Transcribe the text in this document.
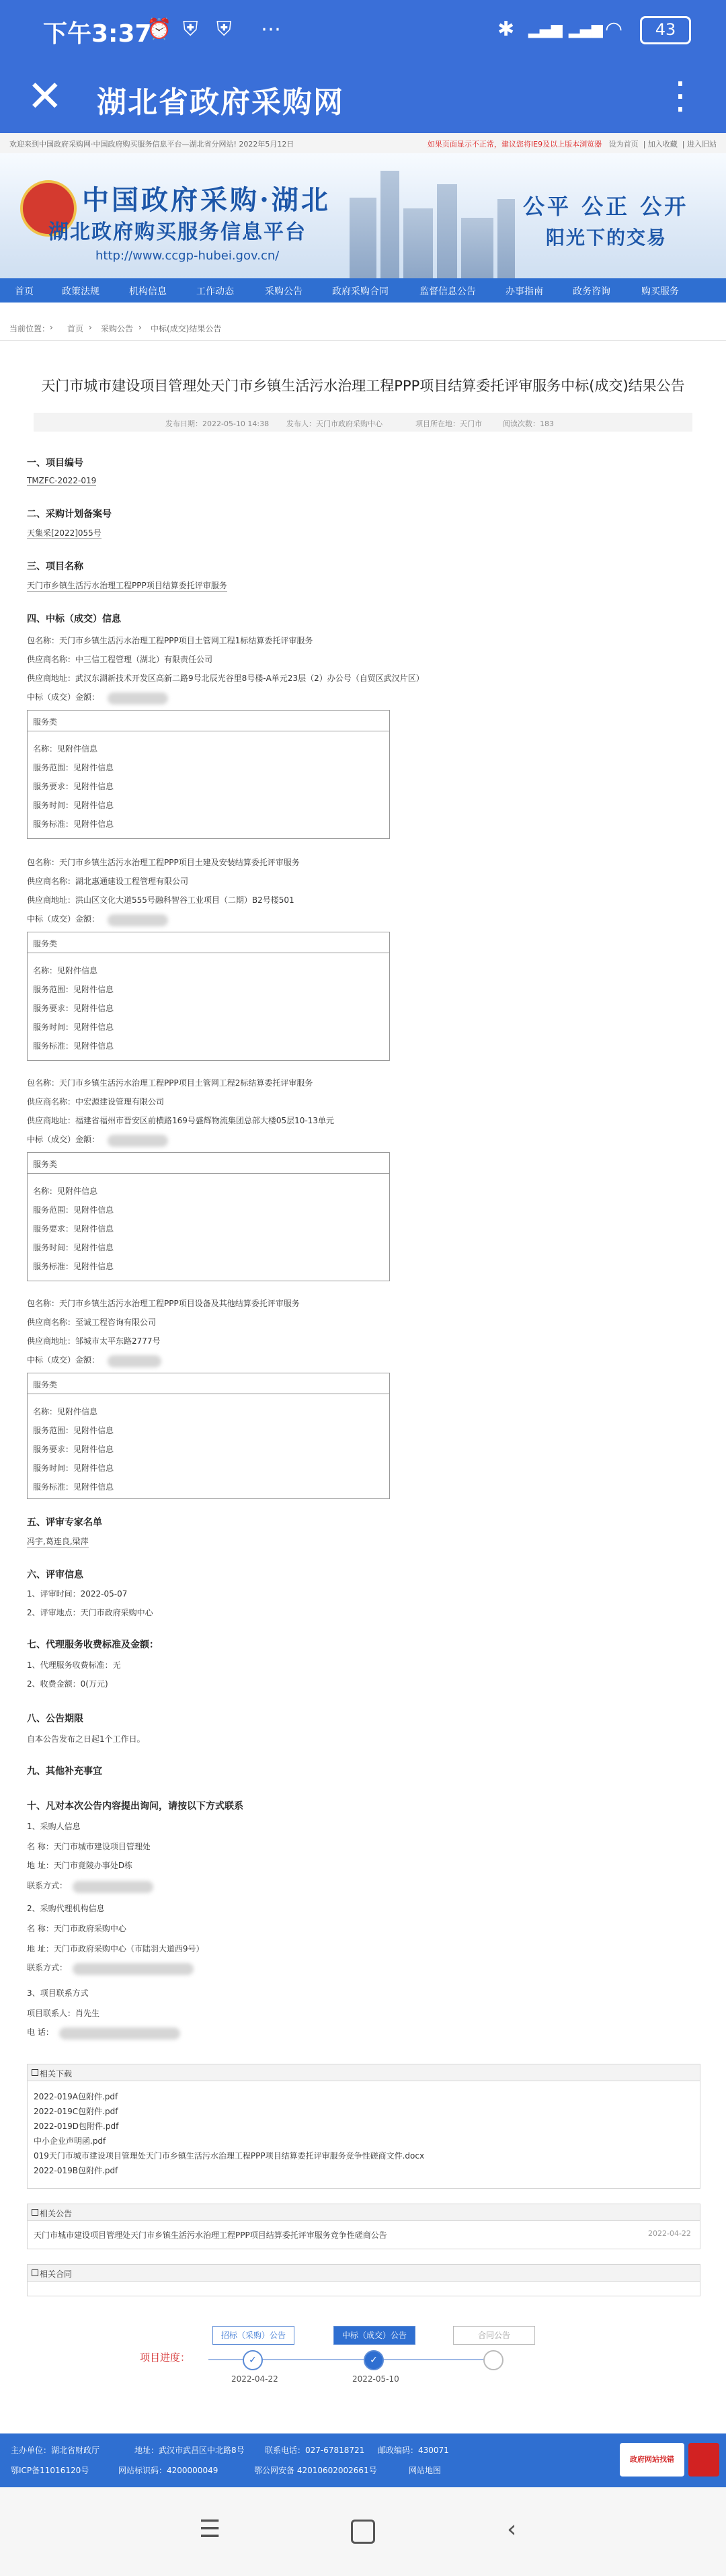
下午3:37
⏰ ⛨ ⛨ ⋯	✱ ▂▄▆ ▂▄▆ ◠	43
✕ 湖北省政府采购网	⋮
欢迎来到中国政府采购网·中国政府购买服务信息平台—湖北省分网站! 2022年5月12日	如果页面显示不正常，建议您将IE9及以上版本浏览器 设为首页  | 加入收藏  | 进入旧站
中国政府采购·湖北
湖北政府购买服务信息平台
http://www.ccgp-hubei.gov.cn/
公平 公正 公开
阳光下的交易
首页	政策法规	机构信息	工作动态	采购公告	政府采购合同	监督信息公告	办事指南	政务咨询	购买服务
当前位置： › 首页 › 采购公告 › 中标(成交)结果公告
天门市城市建设项目管理处天门市乡镇生活污水治理工程PPP项目结算委托评审服务中标(成交)结果公告
发布日期：2022-05-10 14:38 发布人：天门市政府采购中心	项目所在地：天门市	阅读次数：183
一、项目编号
TMZFC-2022-019
二、采购计划备案号
天集采[2022]055号
三、项目名称
天门市乡镇生活污水治理工程PPP项目结算委托评审服务
四、中标（成交）信息
包名称：天门市乡镇生活污水治理工程PPP项目土管网工程1标结算委托评审服务
供应商名称：中三信工程管理（湖北）有限责任公司
供应商地址：武汉东湖新技术开发区高新二路9号北辰光谷里8号楼-A单元23层（2）办公号（自贸区武汉片区）
中标（成交）金额：
服务类
名称：见附件信息
服务范围：见附件信息
服务要求：见附件信息
服务时间：见附件信息
服务标准：见附件信息
包名称：天门市乡镇生活污水治理工程PPP项目土建及安装结算委托评审服务
供应商名称：湖北惠通建设工程管理有限公司
供应商地址：洪山区文化大道555号融科智谷工业项目（二期）B2号楼501
中标（成交）金额：
服务类
名称：见附件信息
服务范围：见附件信息
服务要求：见附件信息
服务时间：见附件信息
服务标准：见附件信息
包名称：天门市乡镇生活污水治理工程PPP项目土管网工程2标结算委托评审服务
供应商名称：中宏源建设管理有限公司
供应商地址：福建省福州市晋安区前横路169号盛辉物流集团总部大楼05层10-13单元
中标（成交）金额：
服务类
名称：见附件信息
服务范围：见附件信息
服务要求：见附件信息
服务时间：见附件信息
服务标准：见附件信息
包名称：天门市乡镇生活污水治理工程PPP项目设备及其他结算委托评审服务
供应商名称：至诚工程咨询有限公司
供应商地址：邹城市太平东路2777号
中标（成交）金额：
服务类
名称：见附件信息
服务范围：见附件信息
服务要求：见附件信息
服务时间：见附件信息
服务标准：见附件信息
五、评审专家名单
冯宇,葛连良,梁萍
六、评审信息
1、评审时间：2022-05-07
2、评审地点：天门市政府采购中心
七、代理服务收费标准及金额：
1、代理服务收费标准：无
2、收费金额：0(万元)
八、公告期限
自本公告发布之日起1个工作日。
九、其他补充事宜
十、凡对本次公告内容提出询问，请按以下方式联系
1、采购人信息
名 称：天门市城市建设项目管理处
地 址：天门市竟陵办事处D栋
联系方式：
2、采购代理机构信息
名 称：天门市政府采购中心
地 址：天门市政府采购中心（市陆羽大道西9号）
联系方式：
3、项目联系方式
项目联系人：肖先生
电 话：
相关下载
2022-019A包附件.pdf
2022-019C包附件.pdf
2022-019D包附件.pdf
中小企业声明函.pdf
019天门市城市建设项目管理处天门市乡镇生活污水治理工程PPP项目结算委托评审服务竞争性磋商文件.docx
2022-019B包附件.pdf
相关公告
天门市城市建设项目管理处天门市乡镇生活污水治理工程PPP项目结算委托评审服务竞争性磋商公告	2022-04-22
相关合同
项目进度：
招标（采购）公告	中标（成交）公告	合同公告
✓	✓
2022-04-22	2022-05-10
主办单位：湖北省财政厅	地址：武汉市武昌区中北路8号	联系电话：027-67818721 邮政编码：430071
鄂ICP备11016120号	网站标识码：4200000049	鄂公网安备 42010602002661号	网站地图
政府网站找错
☰	‹
